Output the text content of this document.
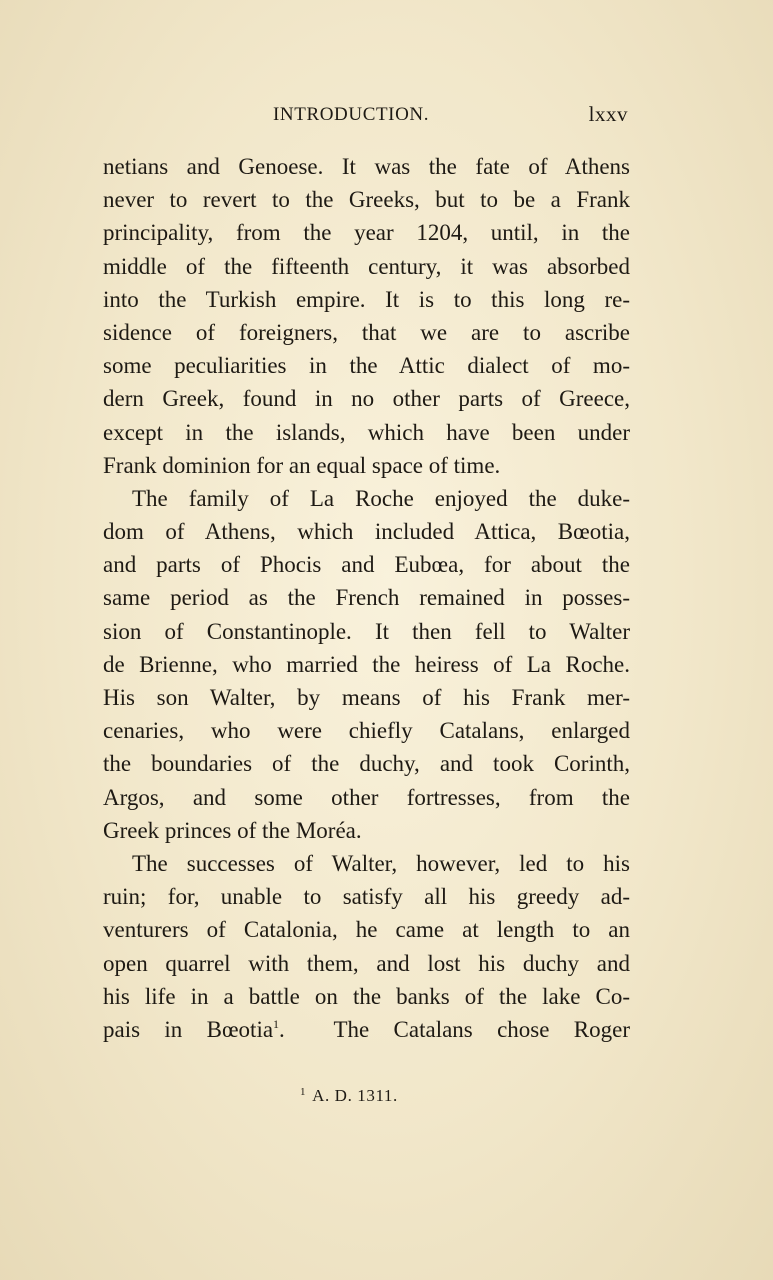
INTRODUCTION.	lxxv
netians and Genoese. It was the fate of Athens
never to revert to the Greeks, but to be a Frank
principality, from the year 1204, until, in the
middle of the fifteenth century, it was absorbed
into the Turkish empire. It is to this long re-
sidence of foreigners, that we are to ascribe
some peculiarities in the Attic dialect of mo-
dern Greek, found in no other parts of Greece,
except in the islands, which have been under
Frank dominion for an equal space of time.
The family of La Roche enjoyed the duke-
dom of Athens, which included Attica, Bœotia,
and parts of Phocis and Eubœa, for about the
same period as the French remained in posses-
sion of Constantinople. It then fell to Walter
de Brienne, who married the heiress of La Roche.
His son Walter, by means of his Frank mer-
cenaries, who were chiefly Catalans, enlarged
the boundaries of the duchy, and took Corinth,
Argos, and some other fortresses, from the
Greek princes of the Moréa.
The successes of Walter, however, led to his
ruin; for, unable to satisfy all his greedy ad-
venturers of Catalonia, he came at length to an
open quarrel with them, and lost his duchy and
his life in a battle on the banks of the lake Co-
pais in Bœotia$^1$.  The Catalans chose Roger
$^1$ A. D. 1311.
